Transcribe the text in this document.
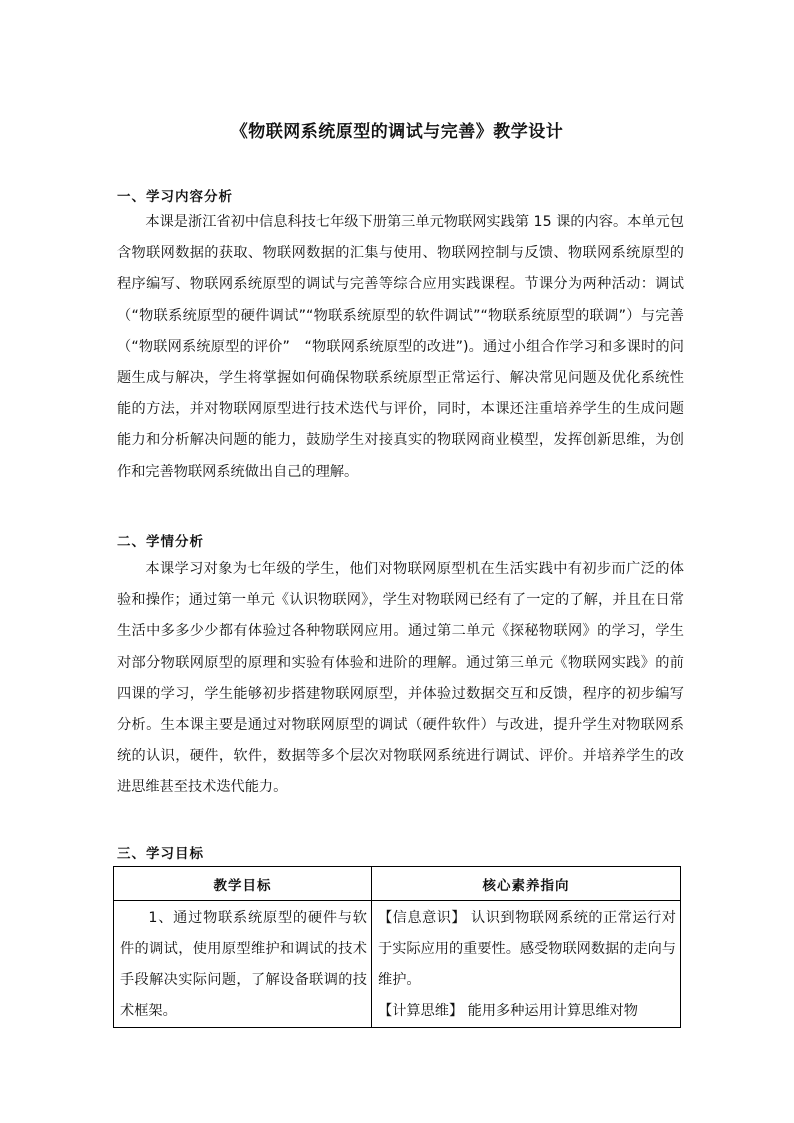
《物联网系统原型的调试与完善》教学设计
一、学习内容分析

本课是浙江省初中信息科技七年级下册第三单元物联网实践第 15 课的内容。本单元包含物联网数据的获取、物联网数据的汇集与使用、物联网控制与反馈、物联网系统原型的程序编写、物联网系统原型的调试与完善等综合应用实践课程。节课分为两种活动：调试（“物联系统原型的硬件调试”“物联系统原型的软件调试”“物联系统原型的联调”）与完善（“物联网系统原型的评价”　“物联网系统原型的改进”)。通过小组合作学习和多课时的问题生成与解决，学生将掌握如何确保物联系统原型正常运行、解决常见问题及优化系统性能的方法，并对物联网原型进行技术迭代与评价，同时，本课还注重培养学生的生成问题能力和分析解决问题的能力，鼓励学生对接真实的物联网商业模型，发挥创新思维，为创作和完善物联网系统做出自己的理解。

二、学情分析

本课学习对象为七年级的学生，他们对物联网原型机在生活实践中有初步而广泛的体验和操作；通过第一单元《认识物联网》，学生对物联网已经有了一定的了解，并且在日常生活中多多少少都有体验过各种物联网应用。通过第二单元《探秘物联网》的学习，学生对部分物联网原型的原理和实验有体验和进阶的理解。通过第三单元《物联网实践》的前四课的学习，学生能够初步搭建物联网原型，并体验过数据交互和反馈，程序的初步编写分析。生本课主要是通过对物联网原型的调试（硬件软件）与改进，提升学生对物联网系统的认识，硬件，软件，数据等多个层次对物联网系统进行调试、评价。并培养学生的改进思维甚至技术迭代能力。

三、学习目标
教学目标	核心素养指向

1、通过物联系统原型的硬件与软件的调试，使用原型维护和调试的技术手段解决实际问题，了解设备联调的技术框架。	【信息意识】 认识到物联网系统的正常运行对于实际应用的重要性。感受物联网数据的走向与维护。

【计算思维】 能用多种运用计算思维对物
